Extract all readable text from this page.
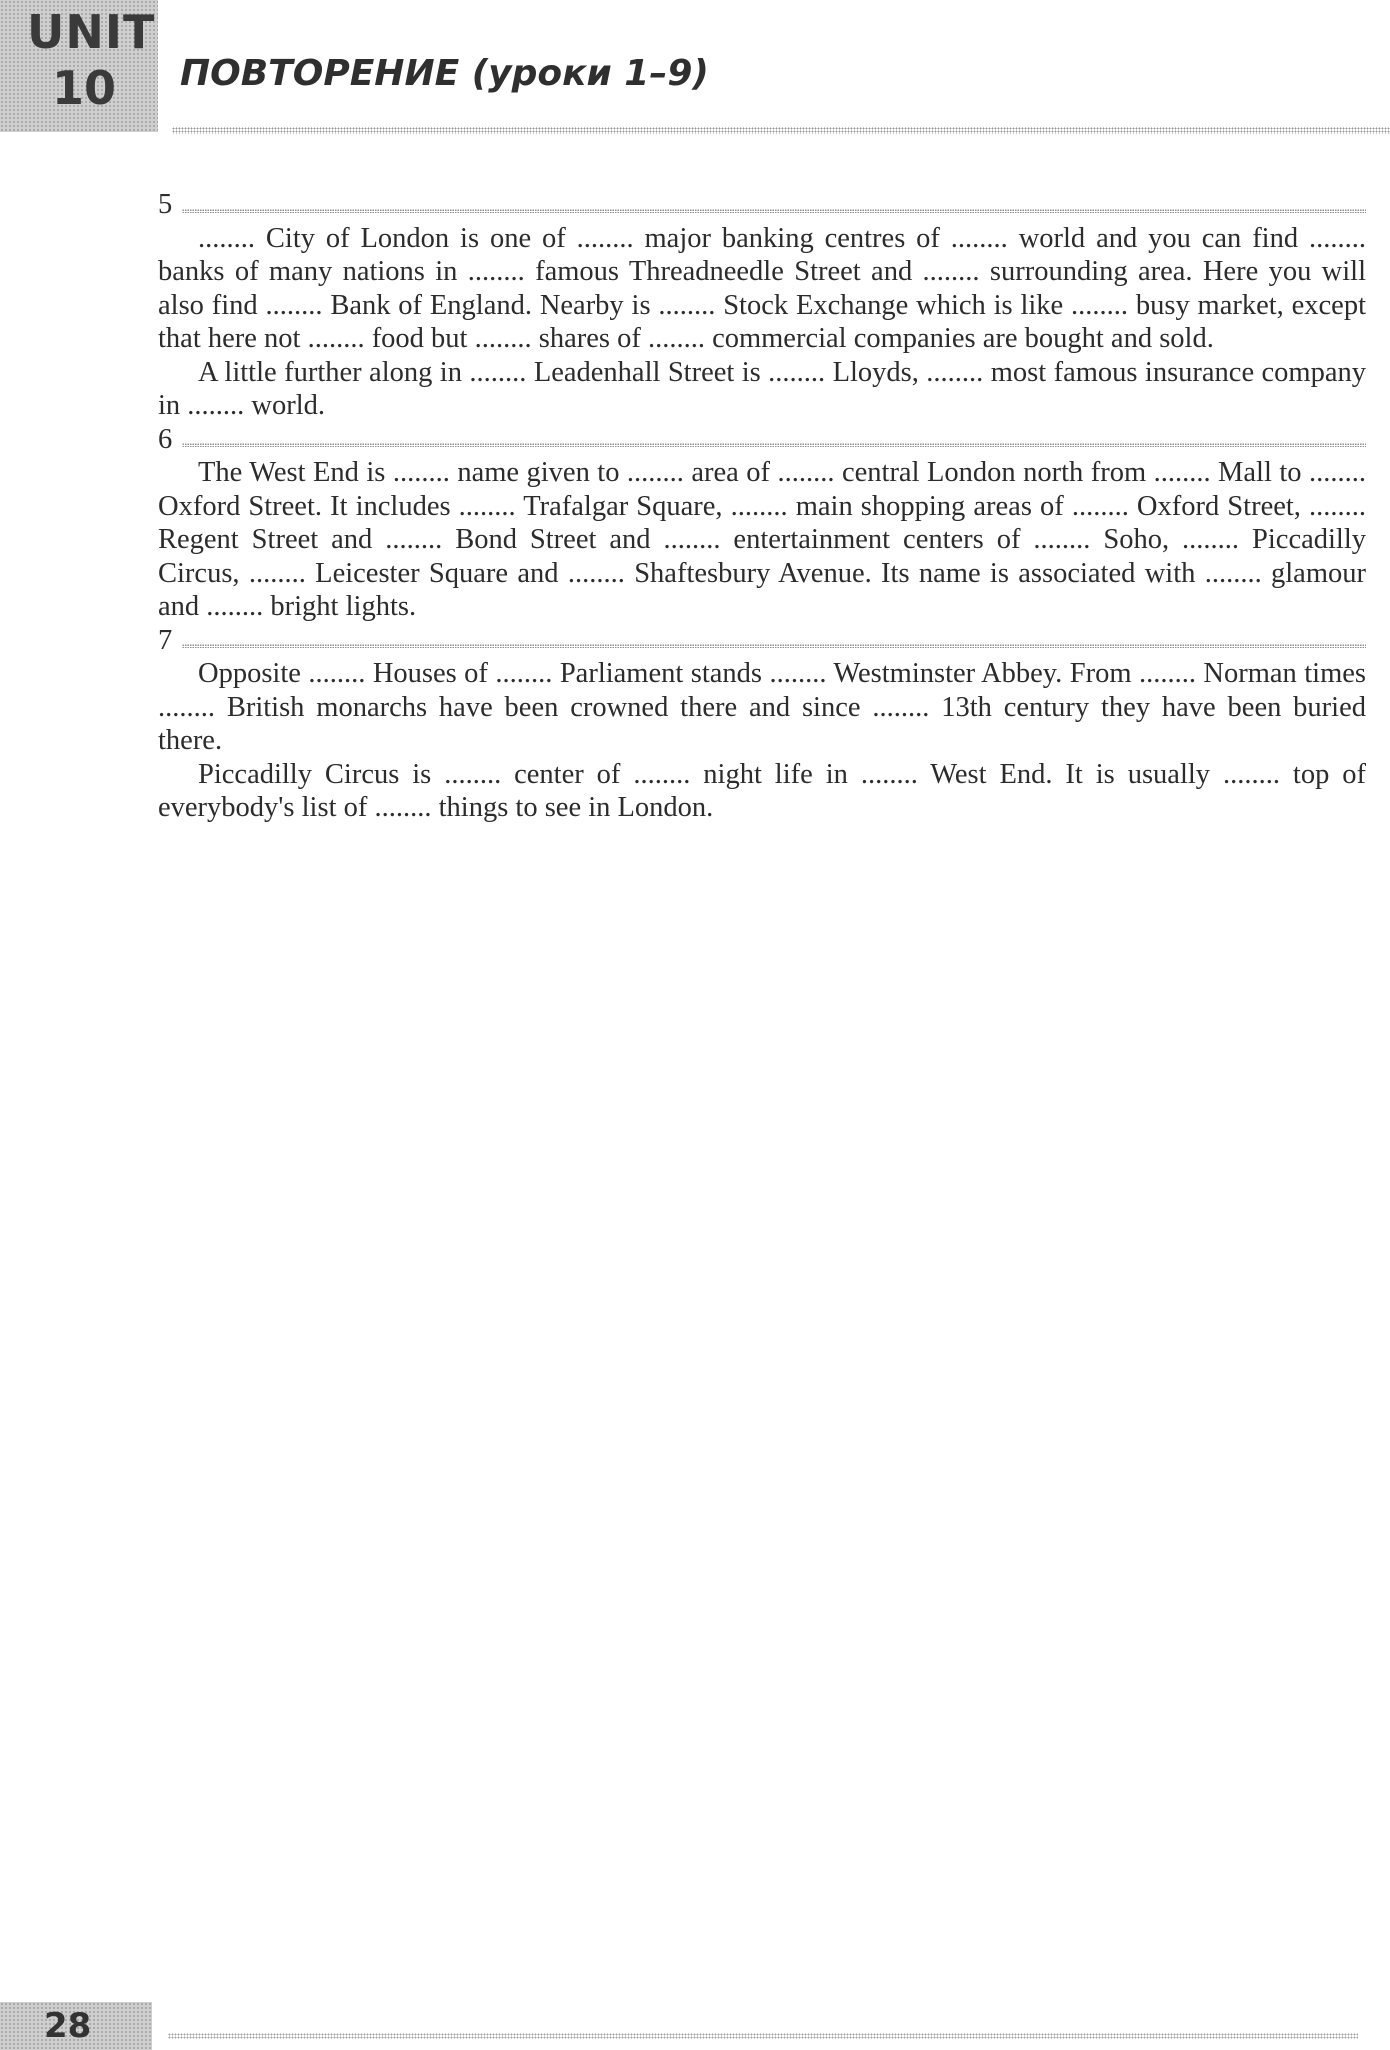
UNIT
10 ПОВТОРЕНИЕ (уроки 1–9)
5

........ City of London is one of ........ major banking centres of ........ world and you can find ........ banks of many nations in ........ famous Threadneedle Street and ........ surrounding area. Here you will also find ........ Bank of England. Nearby is ........ Stock Exchange which is like ........ busy market, except that here not ........ food but ........ shares of ........ commercial companies are bought and sold.

A little further along in ........ Leadenhall Street is ........ Lloyds, ........ most famous insurance company in ........ world.

6

The West End is ........ name given to ........ area of ........ central London north from ........ Mall to ........ Oxford Street. It includes ........ Trafalgar Square, ........ main shopping areas of ........ Oxford Street, ........ Regent Street and ........ Bond Street and ........ entertainment centers of ........ Soho, ........ Piccadilly Circus, ........ Leicester Square and ........ Shaftesbury Avenue. Its name is associated with ........ glamour and ........ bright lights.

7

Opposite ........ Houses of ........ Parliament stands ........ Westminster Abbey. From ........ Norman times ........ British monarchs have been crowned there and since ........ 13th century they have been buried there.

Piccadilly Circus is ........ center of ........ night life in ........ West End. It is usually ........ top of everybody's list of ........ things to see in London.

28
